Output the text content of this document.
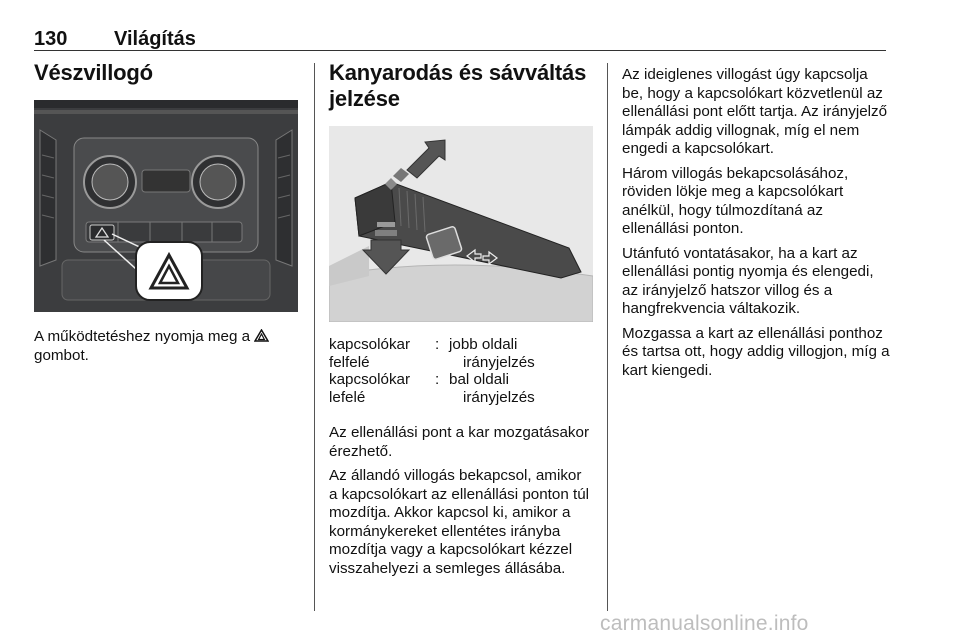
130 Világítás
Vészvillogó

A működtetéshez nyomja meg a
gombot.

Kanyarodás és sávváltás
jelzése
kapcsolókar
felfelé
: jobb oldali
irányjelzés
kapcsolókar
lefelé
: bal oldali
irányjelzés

Az ellenállási pont a kar mozgatásakor érezhető.

Az állandó villogás bekapcsol, amikor a kapcsolókart az ellenállási ponton túl mozdítja. Akkor kapcsol ki, amikor a kormánykereket ellentétes irányba mozdítja vagy a kapcsolókart kézzel visszahelyezi a semleges állásába.

Az ideiglenes villogást úgy kapcsolja be, hogy a kapcsolókart közvetlenül az ellenállási pont előtt tartja. Az irányjelző lámpák addig villognak, míg el nem engedi a kapcsolókart.

Három villogás bekapcsolásához, röviden lökje meg a kapcsolókart anélkül, hogy túlmozdítaná az ellenállási ponton.

Utánfutó vontatásakor, ha a kart az ellenállási pontig nyomja és elengedi, az irányjelző hatszor villog és a hangfrekvencia váltakozik.

Mozgassa a kart az ellenállási ponthoz és tartsa ott, hogy addig villogjon, míg a kart kiengedi.

carmanualsonline.info
